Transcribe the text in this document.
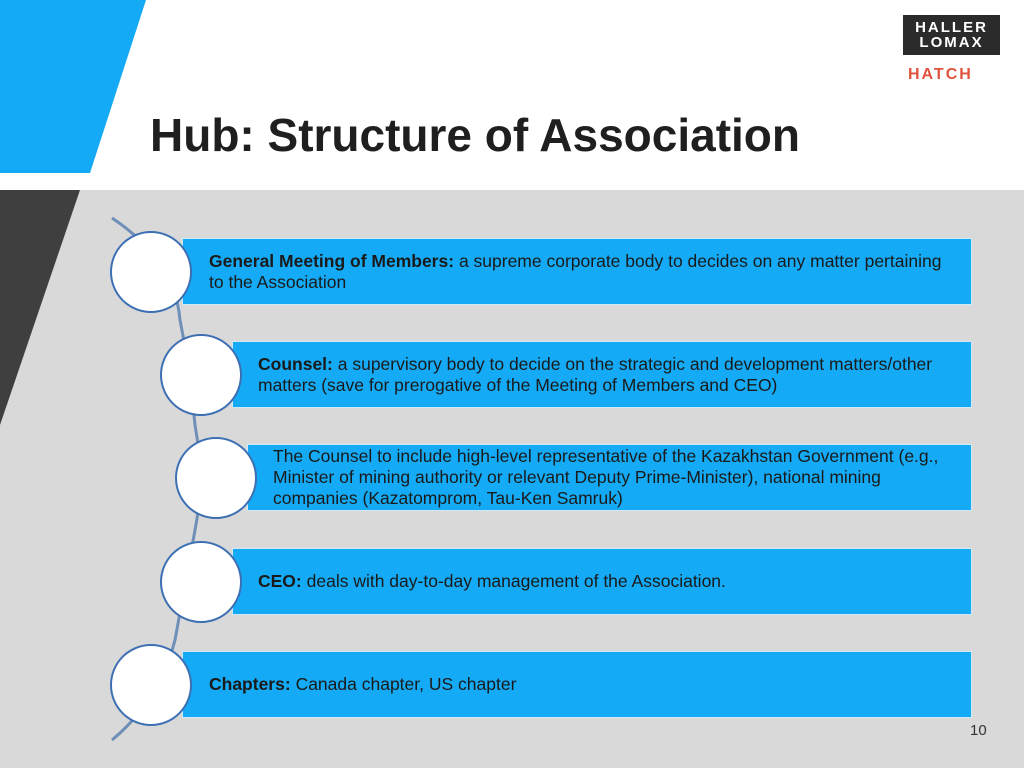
Hub: Structure of Association
HALLER
LOMAX
HATCH
General Meeting of Members: a supreme corporate body to decides on any matter pertaining to the Association
Counsel: a supervisory body to decide on the strategic and development matters/other matters (save for prerogative of the Meeting of Members and CEO)
The Counsel to include high-level representative of the Kazakhstan Government (e.g., Minister of mining authority or relevant Deputy Prime-Minister), national mining companies (Kazatomprom, Tau-Ken Samruk)
CEO: deals with day-to-day management of the Association.
Chapters: Canada chapter, US chapter
10
